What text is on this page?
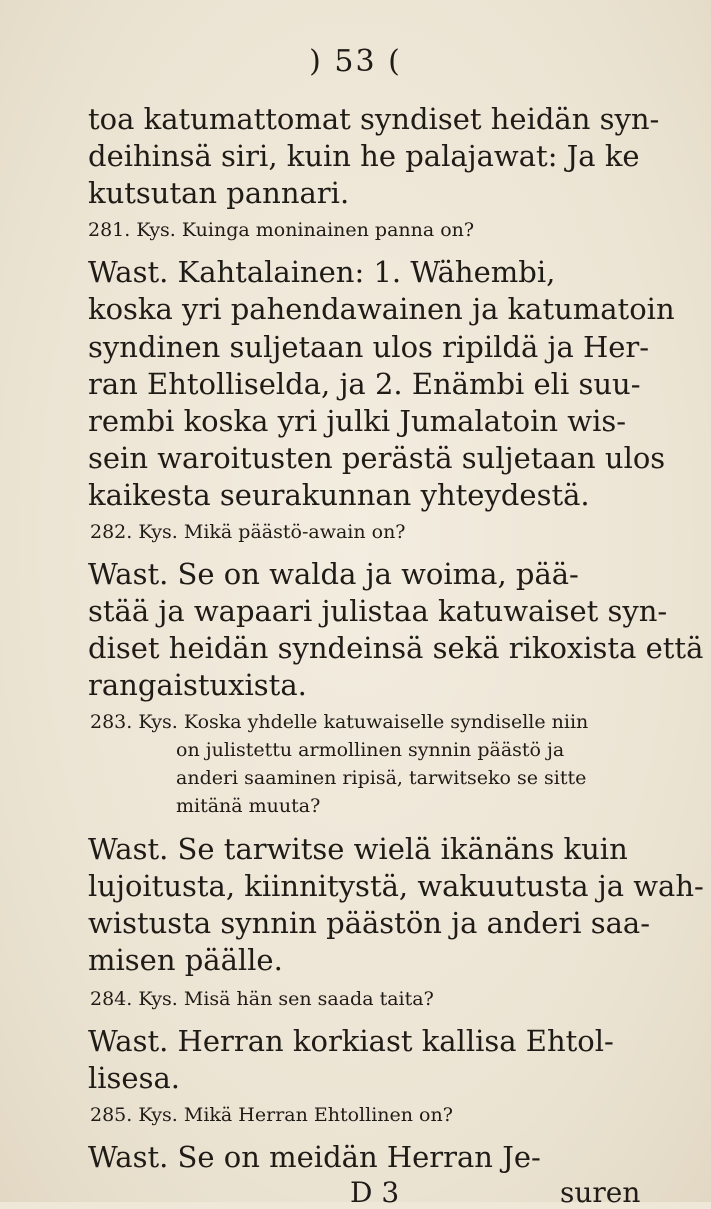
) 53 (
toa katumattomat syndiset heidän syn-
deihinsä siri, kuin he palajawat: Ja ke
kutsutan pannari.
281. Kys. Kuinga moninainen panna on?
Wast. Kahtalainen: 1. Wähembi,
koska yri pahendawainen ja katumatoin
syndinen suljetaan ulos ripildä ja Her-
ran Ehtolliselda, ja 2. Enämbi eli suu-
rembi koska yri julki Jumalatoin wis-
sein waroitusten perästä suljetaan ulos
kaikesta seurakunnan yhteydestä.
282. Kys. Mikä päästö-awain on?
Wast. Se on walda ja woima, pää-
stää ja wapaari julistaa katuwaiset syn-
diset heidän syndeinsä sekä rikoxista että
rangaistuxista.
283. Kys. Koska yhdelle katuwaiselle syndiselle niin
on julistettu armollinen synnin päästö ja
anderi saaminen ripisä, tarwitseko se sitte
mitänä muuta?
Wast. Se tarwitse wielä ikänäns kuin
lujoitusta, kiinnitystä, wakuutusta ja wah-
wistusta synnin päästön ja anderi saa-
misen päälle.
284. Kys. Misä hän sen saada taita?
Wast. Herran korkiast kallisa Ehtol-
lisesa.
285. Kys. Mikä Herran Ehtollinen on?
Wast. Se on meidän Herran Je-
D 3	suren
